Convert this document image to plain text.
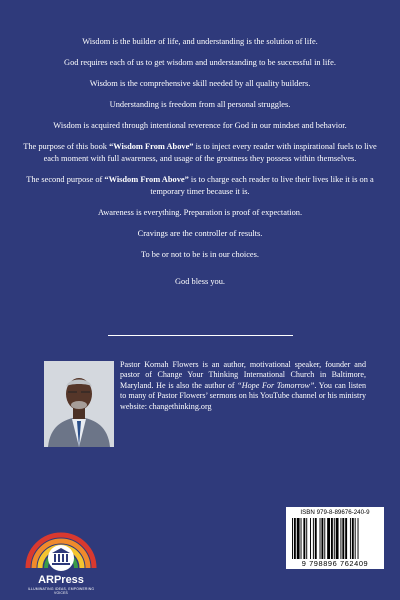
Wisdom is the builder of life, and understanding is the solution of life.

God requires each of us to get wisdom and understanding to be successful in life.

Wisdom is the comprehensive skill needed by all quality builders.

Understanding is freedom from all personal struggles.

Wisdom is acquired through intentional reverence for God in our mindset and behavior.

The purpose of this book “Wisdom From Above” is to inject every reader with inspirational fuels to live each moment with full awareness, and usage of the greatness they possess within themselves.

The second purpose of “Wisdom From Above” is to charge each reader to live their lives like it is on a temporary timer because it is.

Awareness is everything. Preparation is proof of expectation.

Cravings are the controller of results.

To be or not to be is in our choices.

God bless you.

Pastor Kornah Flowers is an author, motivational speaker, founder and pastor of Change Your Thinking International Church in Baltimore, Maryland. He is also the author of “Hope For Tomorrow”. You can listen to many of Pastor Flowers’ sermons on his YouTube channel or his ministry website: changethinking.org
ARPress
ILLUMINATING IDEAS, EMPOWERING VOICES
ISBN 979-8-89676-240-9
9 798896 762409
